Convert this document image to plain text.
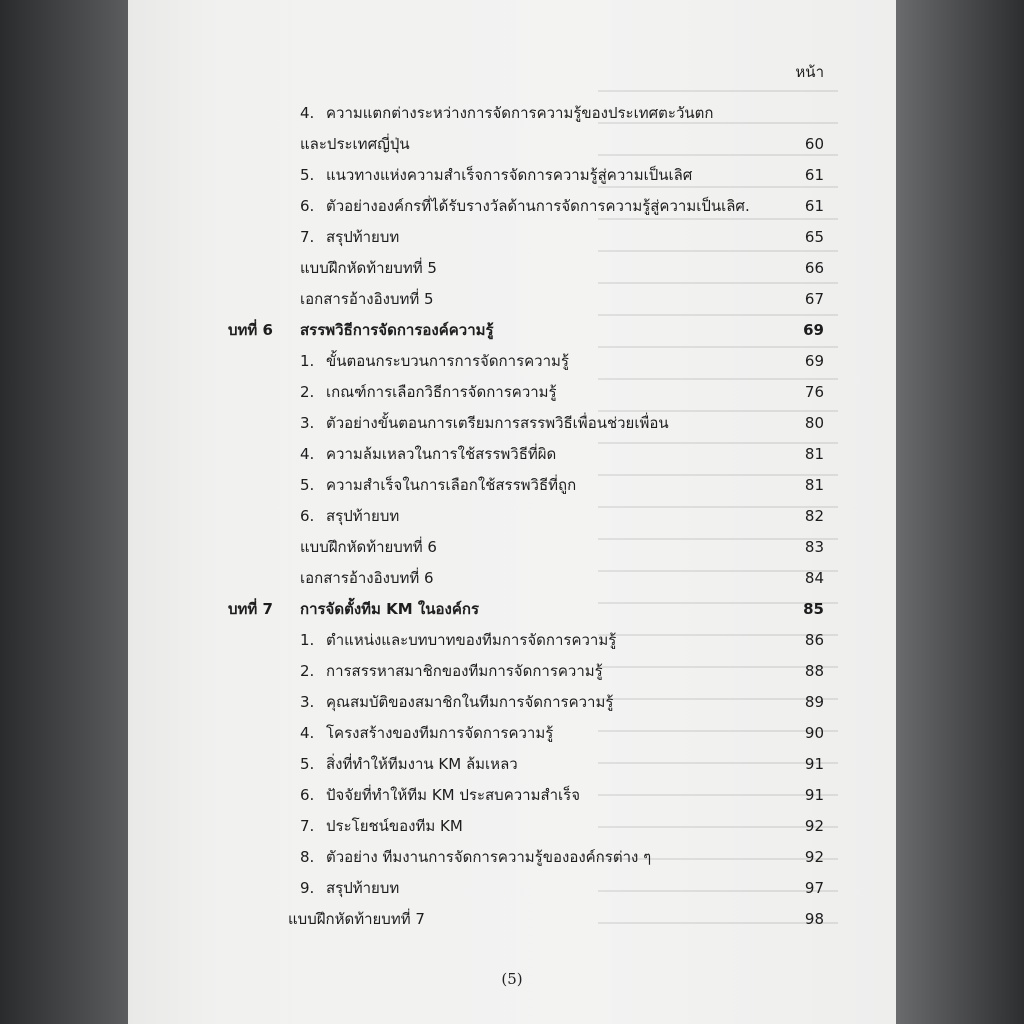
หน้า
4. ความแตกต่างระหว่างการจัดการความรู้ของประเทศตะวันตก
และประเทศญี่ปุ่น	60
5. แนวทางแห่งความสำเร็จการจัดการความรู้สู่ความเป็นเลิศ	61
6. ตัวอย่างองค์กรที่ได้รับรางวัลด้านการจัดการความรู้สู่ความเป็นเลิศ.	61
7. สรุปท้ายบท	65
แบบฝึกหัดท้ายบทที่ 5	66
เอกสารอ้างอิงบทที่ 5	67
บทที่ 6 สรรพวิธีการจัดการองค์ความรู้	69
1. ขั้นตอนกระบวนการการจัดการความรู้	69
2. เกณฑ์การเลือกวิธีการจัดการความรู้	76
3. ตัวอย่างขั้นตอนการเตรียมการสรรพวิธีเพื่อนช่วยเพื่อน	80
4. ความล้มเหลวในการใช้สรรพวิธีที่ผิด	81
5. ความสำเร็จในการเลือกใช้สรรพวิธีที่ถูก	81
6. สรุปท้ายบท	82
แบบฝึกหัดท้ายบทที่ 6	83
เอกสารอ้างอิงบทที่ 6	84
บทที่ 7 การจัดตั้งทีม KM ในองค์กร	85
1. ตำแหน่งและบทบาทของทีมการจัดการความรู้	86
2. การสรรหาสมาชิกของทีมการจัดการความรู้	88
3. คุณสมบัติของสมาชิกในทีมการจัดการความรู้	89
4. โครงสร้างของทีมการจัดการความรู้	90
5. สิ่งที่ทำให้ทีมงาน KM ล้มเหลว	91
6. ปัจจัยที่ทำให้ทีม KM ประสบความสำเร็จ	91
7. ประโยชน์ของทีม KM	92
8. ตัวอย่าง ทีมงานการจัดการความรู้ขององค์กรต่าง ๆ	92
9. สรุปท้ายบท	97
แบบฝึกหัดท้ายบทที่ 7	98
(5)
